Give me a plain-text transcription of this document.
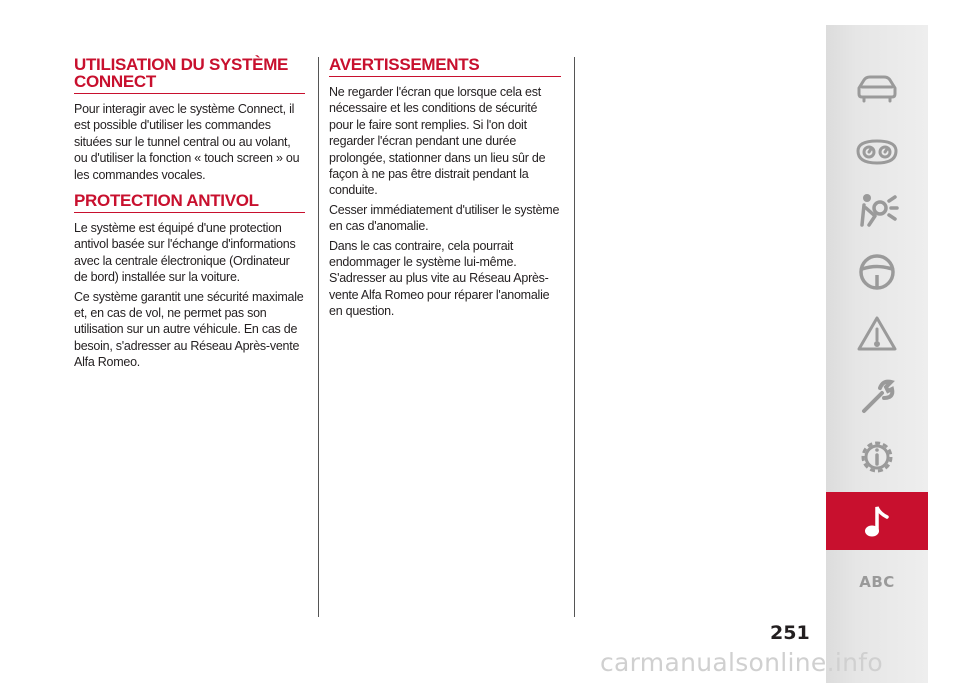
UTILISATION DU SYSTÈME CONNECT

Pour interagir avec le système Connect, il est possible d'utiliser les commandes situées sur le tunnel central ou au volant, ou d'utiliser la fonction « touch screen » ou les commandes vocales.

PROTECTION ANTIVOL

Le système est équipé d'une protection antivol basée sur l'échange d'informations avec la centrale électronique (Ordinateur de bord) installée sur la voiture.

Ce système garantit une sécurité maximale et, en cas de vol, ne permet pas son utilisation sur un autre véhicule. En cas de besoin, s'adresser au Réseau Après-vente Alfa Romeo.

AVERTISSEMENTS

Ne regarder l'écran que lorsque cela est nécessaire et les conditions de sécurité pour le faire sont remplies. Si l'on doit regarder l'écran pendant une durée prolongée, stationner dans un lieu sûr de façon à ne pas être distrait pendant la conduite.

Cesser immédiatement d'utiliser le système en cas d'anomalie.

Dans le cas contraire, cela pourrait endommager le système lui-même. S'adresser au plus vite au Réseau Après-vente Alfa Romeo pour réparer l'anomalie en question.

ABC
251
carmanualsonline.info
